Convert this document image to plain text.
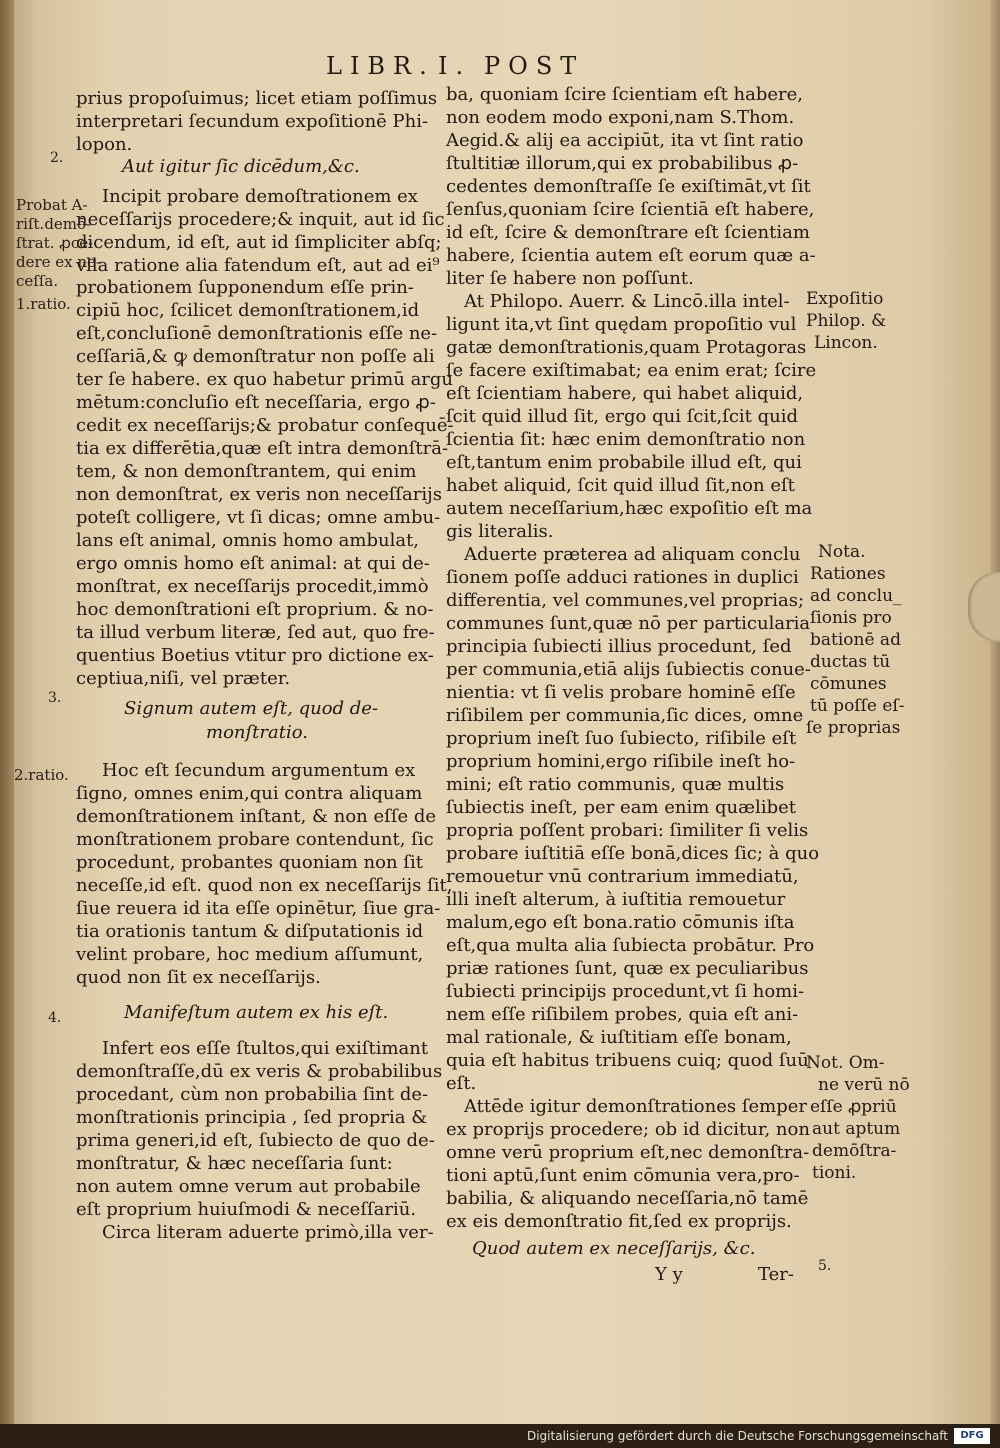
LIBR. I. POST
prius propoſuimus; licet etiam poſſimus
interpretari ſecundum expoſitionē Phi-
lopon.
Aut igitur ſic dicēdum,&c.
Incipit probare demoſtrationem ex
neceſſarijs procedere;& inquit, aut id ſic
dicendum, id eſt, aut id ſimpliciter abſq;
vlla ratione alia fatendum eſt, aut ad ei⁹
probationem ſupponendum eſſe prin-
cipiū hoc, ſcilicet demonſtrationem,id
eſt,concluſionē demonſtrationis eſſe ne-
ceſſariā,& ꝙ demonſtratur non poſſe ali
ter ſe habere. ex quo habetur primū argu
mētum:concluſio eſt neceſſaria, ergo ꝓ-
cedit ex neceſſarijs;& probatur conſequē-
tia ex differētia,quæ eſt intra demonſtrā-
tem, & non demonſtrantem, qui enim
non demonſtrat, ex veris non neceſſarijs
poteſt colligere, vt ſi dicas; omne ambu-
lans eſt animal, omnis homo ambulat,
ergo omnis homo eſt animal: at qui de-
monſtrat, ex neceſſarijs procedit,immò
hoc demonſtrationi eſt proprium. & no-
ta illud verbum literæ, ſed aut, quo fre-
quentius Boetius vtitur pro dictione ex-
ceptiua,niſi, vel præter.
Signum autem eſt, quod de-
monſtratio.
Hoc eſt ſecundum argumentum ex
ſigno, omnes enim,qui contra aliquam
demonſtrationem inſtant, & non eſſe de
monſtrationem probare contendunt, ſic
procedunt, probantes quoniam non ſit
neceſſe,id eſt. quod non ex neceſſarijs ſit,
ſiue reuera id ita eſſe opinētur, ſiue gra-
tia orationis tantum & diſputationis id
velint probare, hoc medium aſſumunt,
quod non ſit ex neceſſarijs.
Manifeſtum autem ex his eſt.
Infert eos eſſe ſtultos,qui exiſtimant
demonſtraſſe,dū ex veris & probabilibus
procedant, cùm non probabilia ſint de-
monſtrationis principia , ſed propria &
prima generi,id eſt, ſubiecto de quo de-
monſtratur, & hæc neceſſaria ſunt:
non autem omne verum aut probabile
eſt proprium huiuſmodi & neceſſariū.
Circa literam aduerte primò,illa ver-
ba, quoniam ſcire ſcientiam eſt habere,
non eodem modo exponi,nam S.Thom.
Aegid.& alij ea accipiūt, ita vt ſint ratio
ſtultitiæ illorum,qui ex probabilibus ꝓ-
cedentes demonſtraſſe ſe exiſtimāt,vt ſit
ſenſus,quoniam ſcire ſcientiā eſt habere,
id eſt, ſcire & demonſtrare eſt ſcientiam
habere, ſcientia autem eſt eorum quæ a-
liter ſe habere non poſſunt.
At Philopo. Auerr. & Lincō.illa intel-
ligunt ita,vt ſint quędam propoſitio vul
gatæ demonſtrationis,quam Protagoras
ſe facere exiſtimabat; ea enim erat; ſcire
eſt ſcientiam habere, qui habet aliquid,
ſcit quid illud ſit, ergo qui ſcit,ſcit quid
ſcientia ſit: hæc enim demonſtratio non
eſt,tantum enim probabile illud eſt, qui
habet aliquid, ſcit quid illud ſit,non eſt
autem neceſſarium,hæc expoſitio eſt ma
gis literalis.
Aduerte præterea ad aliquam conclu
ſionem poſſe adduci rationes in duplici
differentia, vel communes,vel proprias;
communes ſunt,quæ nō per particularia
principia ſubiecti illius procedunt, ſed
per communia,etiā alijs ſubiectis conue-
nientia: vt ſi velis probare hominē eſſe
riſibilem per communia,ſic dices, omne
proprium ineſt ſuo ſubiecto, riſibile eſt
proprium homini,ergo riſibile ineſt ho-
mini; eſt ratio communis, quæ multis
ſubiectis ineſt, per eam enim quælibet
propria poſſent probari: ſimiliter ſi velis
probare iuſtitiā eſſe bonā,dices ſic; à quo
remouetur vnū contrarium immediatū,
illi ineſt alterum, à iuſtitia remouetur
malum,ego eſt bona.ratio cōmunis iſta
eſt,qua multa alia ſubiecta probātur. Pro
priæ rationes ſunt, quæ ex peculiaribus
ſubiecti principijs procedunt,vt ſi homi-
nem eſſe riſibilem probes, quia eſt ani-
mal rationale, & iuſtitiam eſſe bonam,
quia eſt habitus tribuens cuiq; quod ſuū
eſt.
Attēde igitur demonſtrationes ſemper
ex proprijs procedere; ob id dicitur, non
omne verū proprium eſt,nec demonſtra-
tioni aptū,ſunt enim cōmunia vera,pro-
babilia, & aliquando neceſſaria,nō tamē
ex eis demonſtratio fit,ſed ex proprijs.
Quod autem ex neceſſarijs, &c.
Y y	Ter-
Probat A-
riſt.demō-
ſtrat. ꝓce-
dere ex ne-
ceſſa.
1.ratio.
2.ratio.
2.
3.
4.
Expoſitio
Philop. &
Lincon.
Nota.
Rationes
ad conclu_
ſionis pro
bationē ad
ductas tū
cōmunes
tū poſſe eſ-
ſe proprias
Not. Om-
ne verū nō
eſſe ꝓpriū
aut aptum
demōſtra-
tioni.
5.
Digitalisierung gefördert durch die Deutsche Forschungsgemeinschaft	DFG
